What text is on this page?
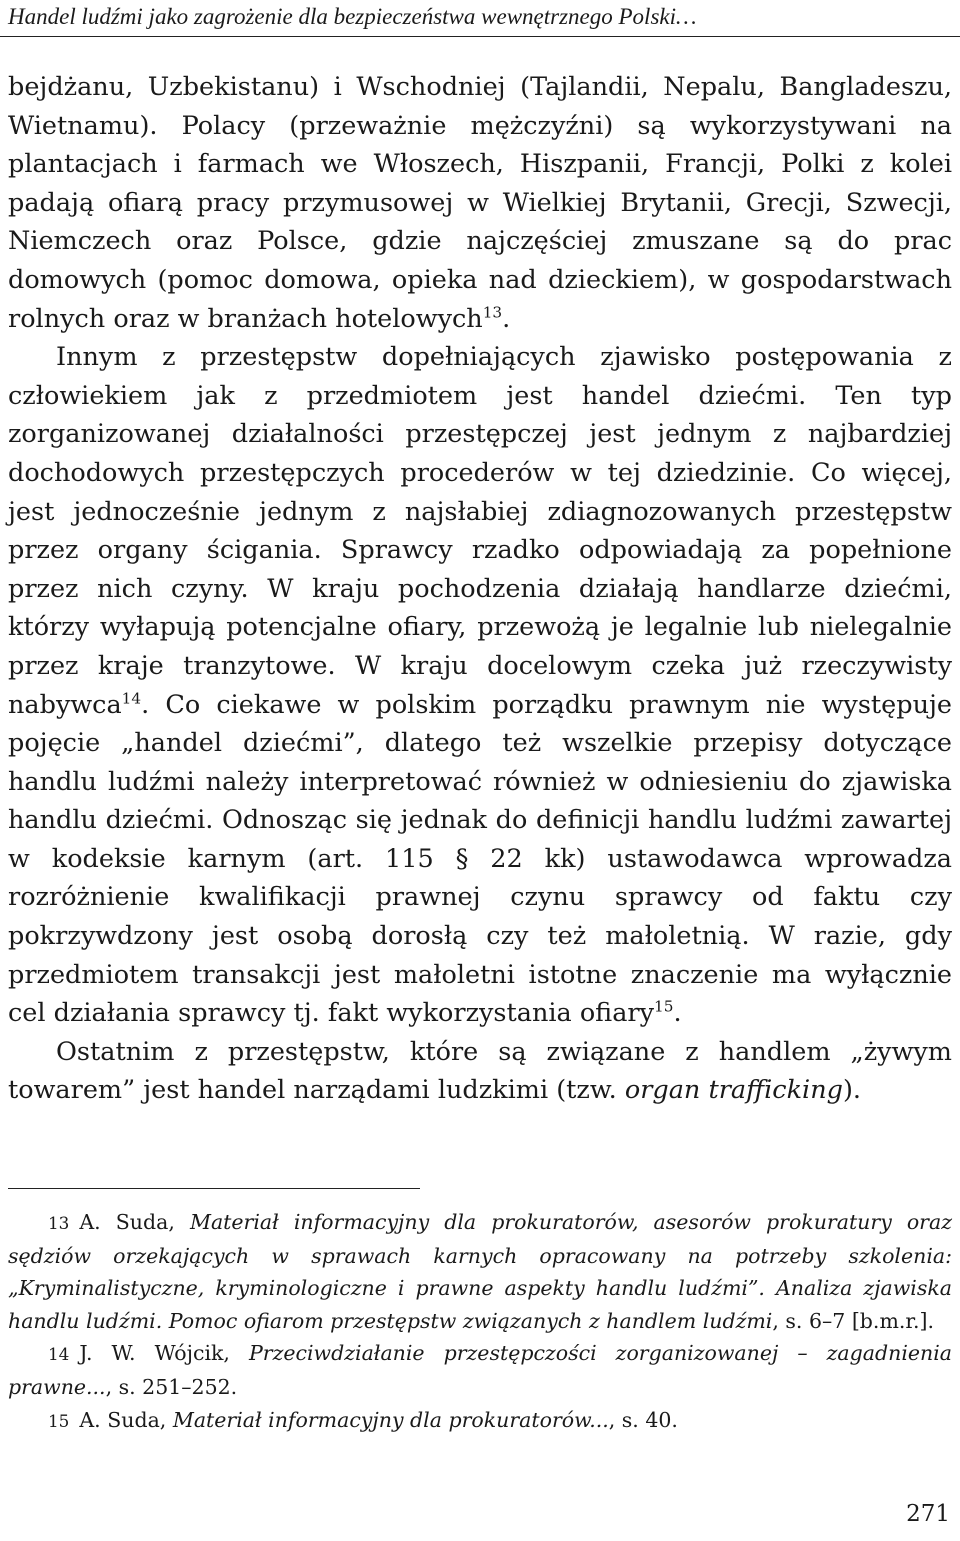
Handel ludźmi jako zagrożenie dla bezpieczeństwa wewnętrznego Polski…

bejdżanu, Uzbekistanu) i Wschodniej (Tajlandii, Nepalu, Bangladeszu, Wietnamu). Polacy (przeważnie mężczyźni) są wykorzystywani na plantacjach i farmach we Włoszech, Hiszpanii, Francji, Polki z kolei padają ofiarą pracy przymusowej w Wielkiej Brytanii, Grecji, Szwecji, Niemczech oraz Polsce, gdzie najczęściej zmuszane są do prac domowych (pomoc domowa, opieka nad dzieckiem), w gospodarstwach rolnych oraz w branżach hotelowych$^{13}$.

Innym z przestępstw dopełniających zjawisko postępowania z człowiekiem jak z przedmiotem jest handel dziećmi. Ten typ zorganizowanej działalności przestępczej jest jednym z najbardziej dochodowych przestępczych procederów w tej dziedzinie. Co więcej, jest jednocześnie jednym z najsłabiej zdiagnozowanych przestępstw przez organy ścigania. Sprawcy rzadko odpowiadają za popełnione przez nich czyny. W kraju pochodzenia działają handlarze dziećmi, którzy wyłapują potencjalne ofiary, przewożą je legalnie lub nielegalnie przez kraje tranzytowe. W kraju docelowym czeka już rzeczywisty nabywca$^{14}$. Co ciekawe w polskim porządku prawnym nie występuje pojęcie „handel dziećmi”, dlatego też wszelkie przepisy dotyczące handlu ludźmi należy interpretować również w odniesieniu do zjawiska handlu dziećmi. Odnosząc się jednak do definicji handlu ludźmi zawartej w kodeksie karnym (art. 115 § 22 kk) ustawodawca wprowadza rozróżnienie kwalifikacji prawnej czynu sprawcy od faktu czy pokrzywdzony jest osobą dorosłą czy też małoletnią. W razie, gdy przedmiotem transakcji jest małoletni istotne znaczenie ma wyłącznie cel działania sprawcy tj. fakt wykorzystania ofiary$^{15}$.

Ostatnim z przestępstw, które są związane z handlem „żywym towarem” jest handel narządami ludzkimi (tzw. organ trafficking).

13 A. Suda, Materiał informacyjny dla prokuratorów, asesorów prokuratury oraz sędziów orzekających w sprawach karnych opracowany na potrzeby szkolenia: „Kryminalistyczne, kryminologiczne i prawne aspekty handlu ludźmi”. Analiza zjawiska handlu ludźmi. Pomoc ofiarom przestępstw związanych z handlem ludźmi, s. 6–7 [b.m.r.].

14 J. W. Wójcik, Przeciwdziałanie przestępczości zorganizowanej – zagadnienia prawne..., s. 251–252.

15 A. Suda, Materiał informacyjny dla prokuratorów..., s. 40.

271
